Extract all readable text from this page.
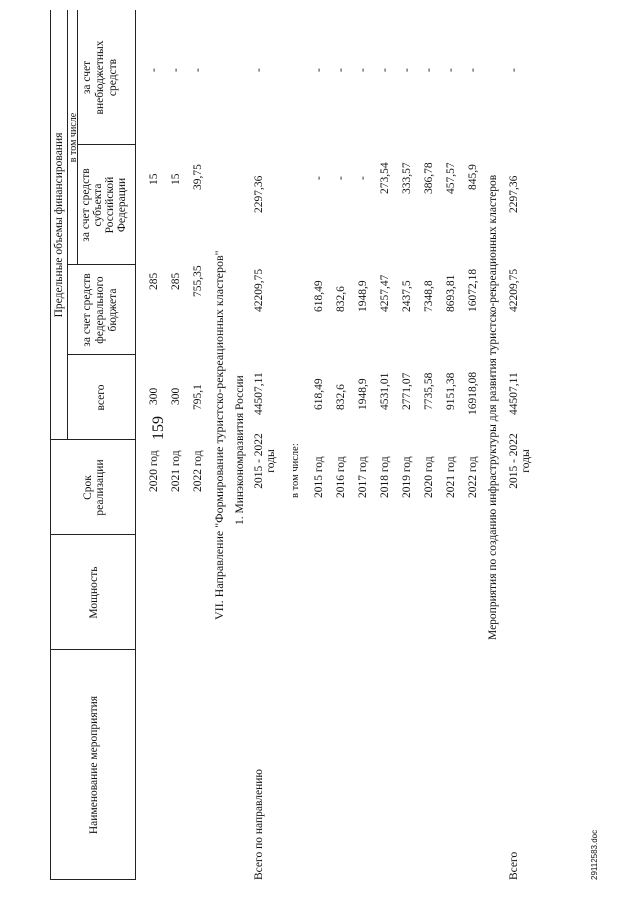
159
29112583.doc
Наименование мероприятия
Мощность
Срок реализации
Предельные объемы финансирования
всего
в том числе
за счет средств федерального бюджета
за счет средств субъекта Российской Федерации
за счет внебюджетных средств
2020 год
300
285
15
-
2021 год
300
285
15
-
2022 год
795,1
755,35
39,75
-
VII. Направление "Формирование туристско-рекреационных кластеров" 1. Минэкономразвития России
Всего по направлению
2015 - 2022 годы
44507,11
42209,75
2297,36
-
в том числе: 2015 год
618,49
618,49
-
-
2016 год
832,6
832,6
-
-
2017 год
1948,9
1948,9
-
-
2018 год
4531,01
4257,47
273,54
-
2019 год
2771,07
2437,5
333,57
-
2020 год
7735,58
7348,8
386,78
-
2021 год
9151,38
8693,81
457,57
-
2022 год
16918,08
16072,18
845,9
-
Мероприятия по созданию инфраструктуры для развития туристско-рекреационных кластеров
Всего
2015 - 2022 годы
44507,11
42209,75
2297,36
-
